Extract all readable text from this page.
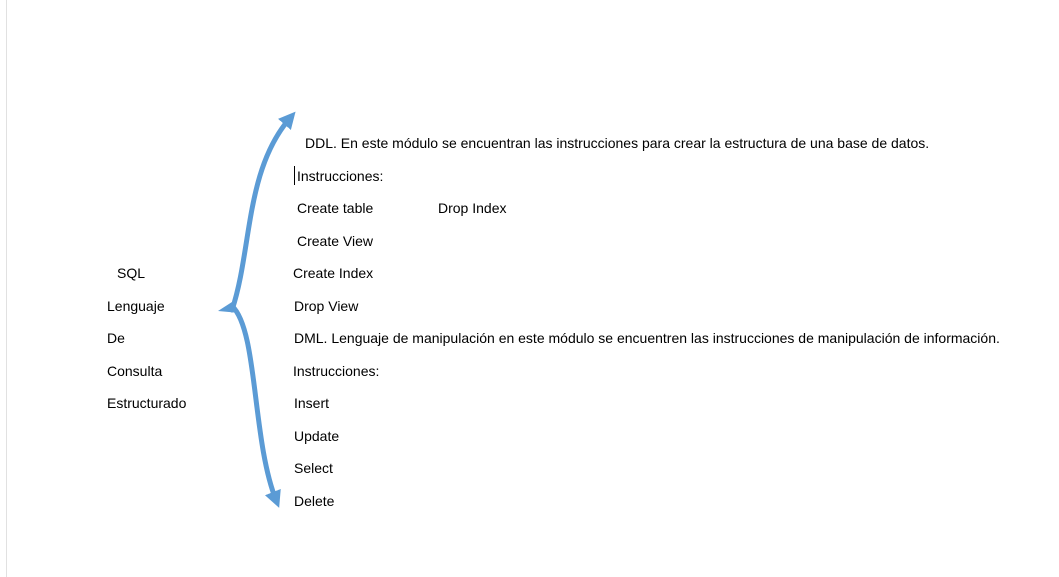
SQL
Lenguaje
De
Consulta
Estructurado
DDL. En este módulo se encuentran las instrucciones para crear la estructura de una base de datos.
Instrucciones:
Create table	Drop Index
Create View
Create Index
Drop View
DML. Lenguaje de manipulación en este módulo se encuentren las instrucciones de manipulación de información.
Instrucciones:
Insert
Update
Select
Delete
